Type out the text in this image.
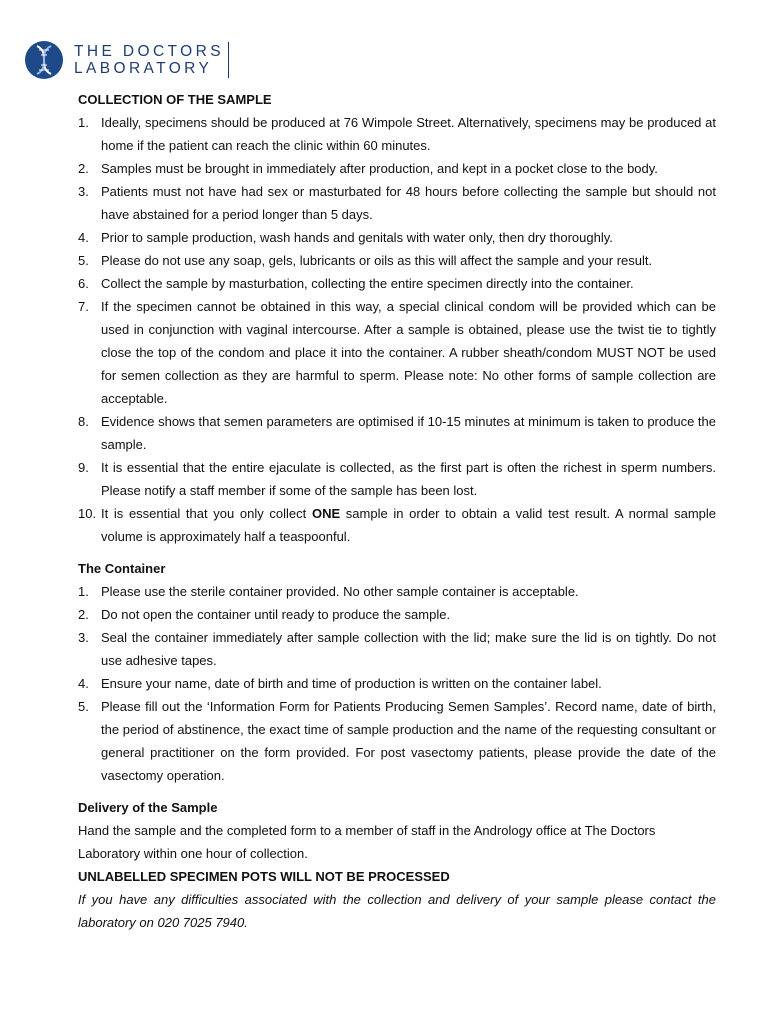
THE DOCTORS
LABORATORY
COLLECTION OF THE SAMPLE
1. Ideally, specimens should be produced at 76 Wimpole Street. Alternatively, specimens may be produced at home if the patient can reach the clinic within 60 minutes.
2. Samples must be brought in immediately after production, and kept in a pocket close to the body.
3. Patients must not have had sex or masturbated for 48 hours before collecting the sample but should not have abstained for a period longer than 5 days.
4. Prior to sample production, wash hands and genitals with water only, then dry thoroughly.
5. Please do not use any soap, gels, lubricants or oils as this will affect the sample and your result.
6. Collect the sample by masturbation, collecting the entire specimen directly into the container.
7. If the specimen cannot be obtained in this way, a special clinical condom will be provided which can be used in conjunction with vaginal intercourse. After a sample is obtained, please use the twist tie to tightly close the top of the condom and place it into the container. A rubber sheath/condom MUST NOT be used for semen collection as they are harmful to sperm. Please note: No other forms of sample collection are acceptable.
8. Evidence shows that semen parameters are optimised if 10-15 minutes at minimum is taken to produce the sample.
9. It is essential that the entire ejaculate is collected, as the first part is often the richest in sperm numbers. Please notify a staff member if some of the sample has been lost.
10. It is essential that you only collect ONE sample in order to obtain a valid test result. A normal sample volume is approximately half a teaspoonful.
The Container
1. Please use the sterile container provided. No other sample container is acceptable.
2. Do not open the container until ready to produce the sample.
3. Seal the container immediately after sample collection with the lid; make sure the lid is on tightly. Do not use adhesive tapes.
4. Ensure your name, date of birth and time of production is written on the container label.
5. Please fill out the ‘Information Form for Patients Producing Semen Samples’. Record name, date of birth, the period of abstinence, the exact time of sample production and the name of the requesting consultant or general practitioner on the form provided. For post vasectomy patients, please provide the date of the vasectomy operation.
Delivery of the Sample

Hand the sample and the completed form to a member of staff in the Andrology office at The Doctors Laboratory within one hour of collection.

UNLABELLED SPECIMEN POTS WILL NOT BE PROCESSED

If you have any difficulties associated with the collection and delivery of your sample please contact the laboratory on 020 7025 7940.
